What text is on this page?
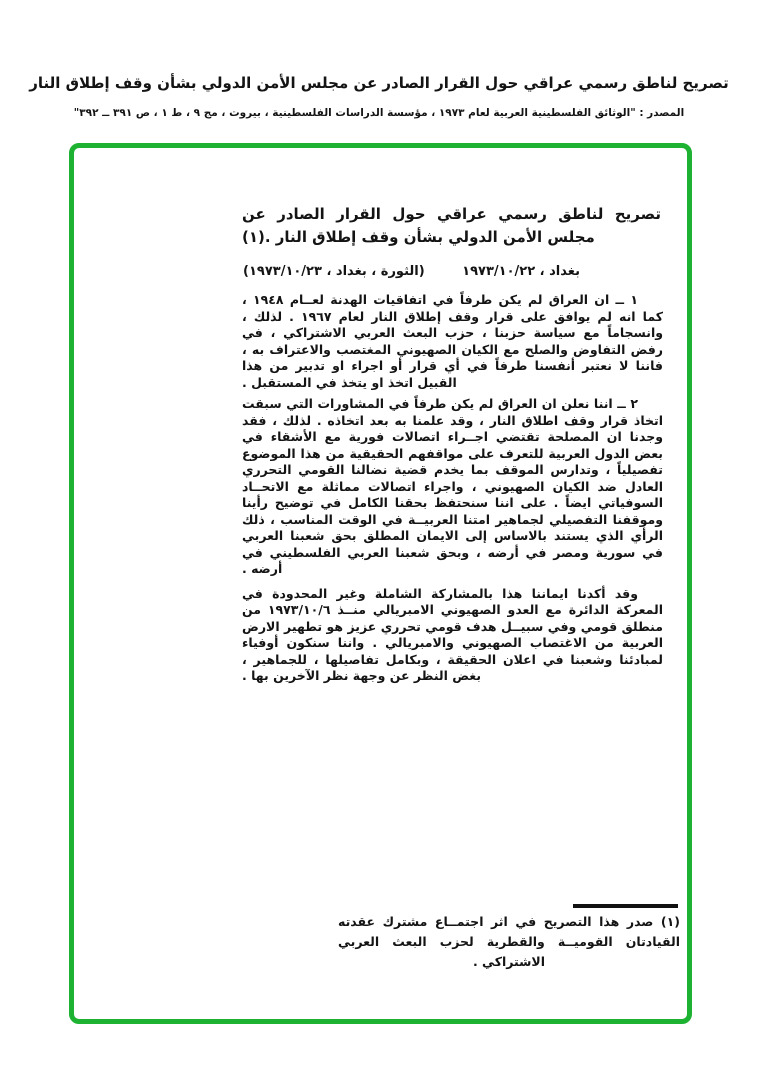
تصريح لناطق رسمي عراقي حول القرار الصادر عن مجلس الأمن الدولي بشأن وقف إطلاق النار
المصدر : "الوثائق الفلسطينية العربية لعام ١٩٧٣ ، مؤسسة الدراسات الفلسطينية ، بيروت ، مج ٩ ، ط ١ ، ص ٣٩١ ــ ٣٩٢"
تصريح لناطق رسمي عراقي حول القرار الصادر عن مجلس الأمن الدولي بشأن وقف إطلاق النار .(١)
بغداد ، ١٩٧٣/١٠/٢٢
(الثورة ، بغداد ، ١٩٧٣/١٠/٢٣)

١ ــ ان العراق لم يكن طرفاً في اتفاقيات الهدنة لعــام ١٩٤٨ ، كما انه لم يوافق على قرار وقف إطلاق النار لعام ١٩٦٧ . لذلك ، وانسجاماً مع سياسة حزبنا ، حزب البعث العربي الاشتراكي ، في رفض التفاوض والصلح مع الكيان الصهيوني المغتصب والاعتراف به ، فاننا لا نعتبر أنفسنا طرفاً في أي قرار أو اجراء او تدبير من هذا القبيل اتخذ او يتخذ في المستقبل .

٢ ــ اننا نعلن ان العراق لم يكن طرفاً في المشاورات التي سبقت اتخاذ قرار وقف اطلاق النار ، وقد علمنا به بعد اتخاذه . لذلك ، فقد وجدنا ان المصلحة تقتضي اجــراء اتصالات فورية مع الأشقاء في بعض الدول العربية للتعرف على مواقفهم الحقيقية من هذا الموضوع تفصيلياً ، وتدارس الموقف بما يخدم قضية نضالنا القومي التحرري العادل ضد الكيان الصهيوني ، واجراء اتصالات مماثلة مع الاتحــاد السوفياتي ايضاً . على اننا سنحتفظ بحقنا الكامل في توضيح رأينا وموقفنا التفصيلي لجماهير امتنا العربيــة في الوقت المناسب ، ذلك الرأي الذي يستند بالاساس إلى الايمان المطلق بحق شعبنا العربي في سورية ومصر في أرضه ، وبحق شعبنا العربي الفلسطيني في أرضه .

وقد أكدنا ايماننا هذا بالمشاركة الشاملة وغير المحدودة في المعركة الدائرة مع العدو الصهيوني الامبريالي منــذ ١٩٧٣/١٠/٦ من منطلق قومي وفي سبيــل هدف قومي تحرري عزيز هو تطهير الارض العربية من الاغتصاب الصهيوني والامبريالي . واننا سنكون أوفياء لمبادئنا وشعبنا في اعلان الحقيقة ، وبكامل تفاصيلها ، للجماهير ، بغض النظر عن وجهة نظر الآخرين بها .

(١) صدر هذا التصريح في اثر اجتمــاع مشترك عقدته القيادتان القوميــة والقطرية لحزب البعث العربي الاشتراكي .
